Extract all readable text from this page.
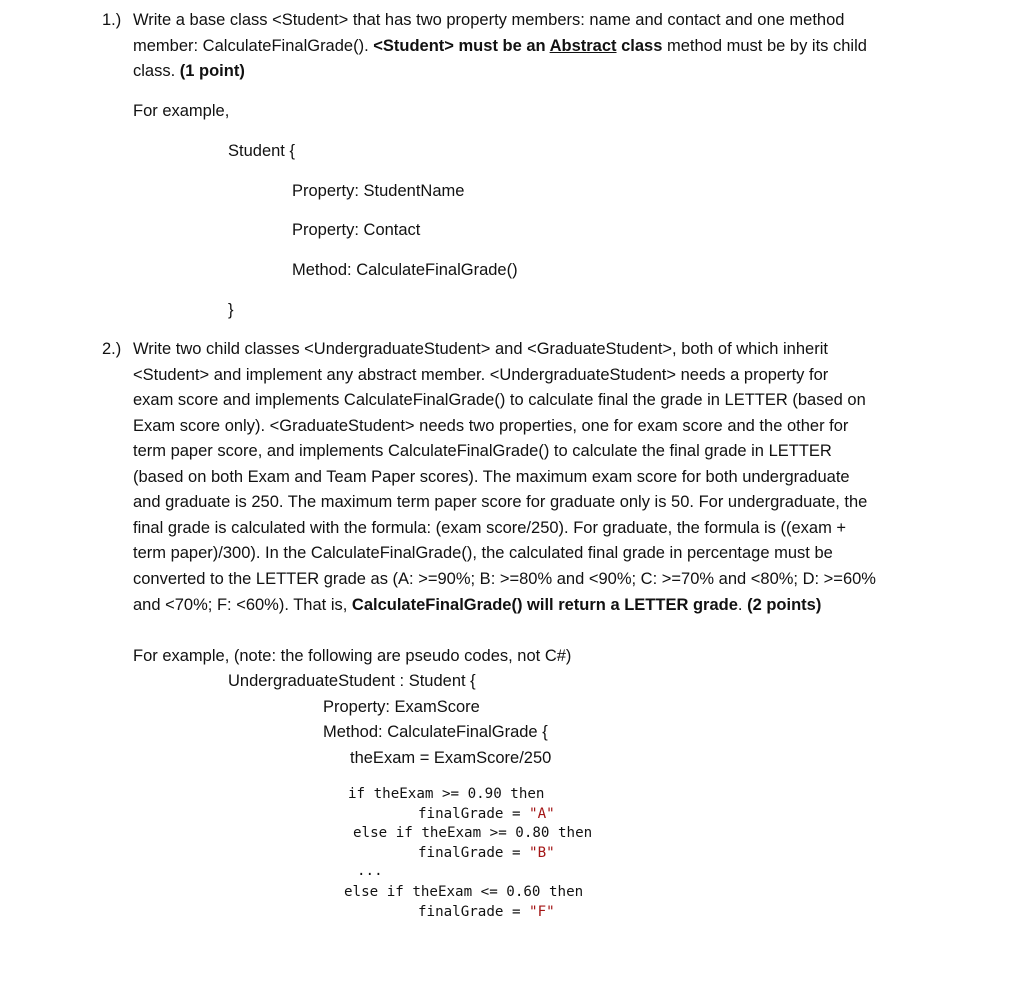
1.) Write a base class <Student> that has two property members: name and contact and one method
member: CalculateFinalGrade(). <Student> must be an Abstract class method must be by its child
class. (1 point)
For example,
Student {
Property: StudentName
Property: Contact
Method: CalculateFinalGrade()
}
2.) Write two child classes <UndergraduateStudent> and <GraduateStudent>, both of which inherit
<Student> and implement any abstract member. <UndergraduateStudent> needs a property for
exam score and implements CalculateFinalGrade() to calculate final the grade in LETTER (based on
Exam score only). <GraduateStudent> needs two properties, one for exam score and the other for
term paper score, and implements CalculateFinalGrade() to calculate the final grade in LETTER
(based on both Exam and Team Paper scores). The maximum exam score for both undergraduate
and graduate is 250. The maximum term paper score for graduate only is 50. For undergraduate, the
final grade is calculated with the formula: (exam score/250). For graduate, the formula is ((exam +
term paper)/300). In the CalculateFinalGrade(), the calculated final grade in percentage must be
converted to the LETTER grade as (A: >=90%; B: >=80% and <90%; C: >=70% and <80%; D: >=60%
and <70%; F: <60%). That is, CalculateFinalGrade() will return a LETTER grade. (2 points)
For example, (note: the following are pseudo codes, not C#)
UndergraduateStudent : Student {
Property: ExamScore
Method: CalculateFinalGrade {
theExam = ExamScore/250
if theExam >= 0.90 then
finalGrade = "A"
else if theExam >= 0.80 then
finalGrade = "B"
...
else if theExam <= 0.60 then
finalGrade = "F"
